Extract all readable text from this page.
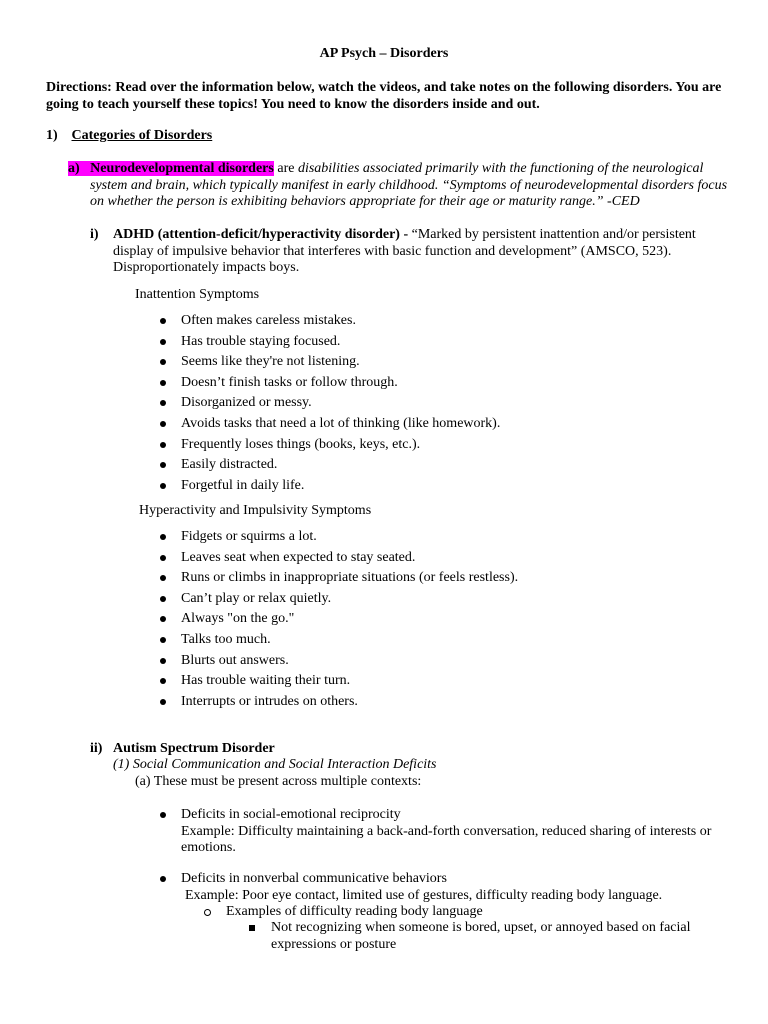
AP Psych – Disorders
Directions: Read over the information below, watch the videos, and take notes on the following disorders. You are going to teach yourself these topics! You need to know the disorders inside and out.
1) Categories of Disorders
a) Neurodevelopmental disorders are disabilities associated primarily with the functioning of the neurological system and brain, which typically manifest in early childhood. “Symptoms of neurodevelopmental disorders focus on whether the person is exhibiting behaviors appropriate for their age or maturity range.” -CED
i)	ADHD (attention-deficit/hyperactivity disorder) - “Marked by persistent inattention and/or persistent display of impulsive behavior that interferes with basic function and development” (AMSCO, 523). Disproportionately impacts boys.
Inattention Symptoms
Often makes careless mistakes.
Has trouble staying focused.
Seems like they're not listening.
Doesn’t finish tasks or follow through.
Disorganized or messy.
Avoids tasks that need a lot of thinking (like homework).
Frequently loses things (books, keys, etc.).
Easily distracted.
Forgetful in daily life.
Hyperactivity and Impulsivity Symptoms
Fidgets or squirms a lot.
Leaves seat when expected to stay seated.
Runs or climbs in inappropriate situations (or feels restless).
Can’t play or relax quietly.
Always "on the go."
Talks too much.
Blurts out answers.
Has trouble waiting their turn.
Interrupts or intrudes on others.
ii) Autism Spectrum Disorder
(1) Social Communication and Social Interaction Deficits
(a) These must be present across multiple contexts:
Deficits in social-emotional reciprocity
Example: Difficulty maintaining a back-and-forth conversation, reduced sharing of interests or emotions.
Deficits in nonverbal communicative behaviors
Example: Poor eye contact, limited use of gestures, difficulty reading body language.
Examples of difficulty reading body language
Not recognizing when someone is bored, upset, or annoyed based on facial expressions or posture
